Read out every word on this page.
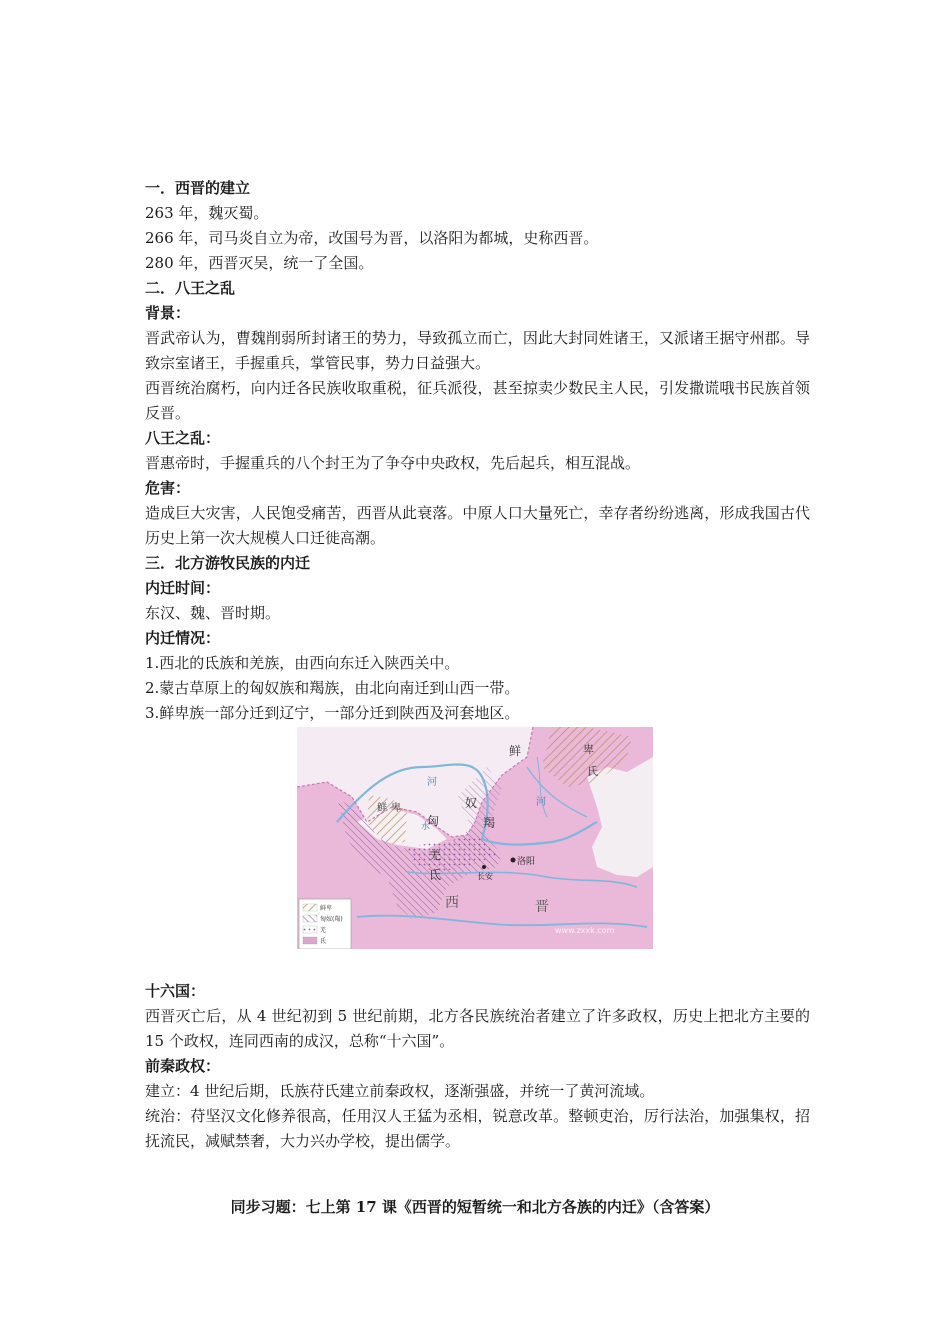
一．西晋的建立

263 年，魏灭蜀。

266 年，司马炎自立为帝，改国号为晋，以洛阳为都城，史称西晋。

280 年，西晋灭吴，统一了全国。

二．八王之乱

背景：

晋武帝认为，曹魏削弱所封诸王的势力，导致孤立而亡，因此大封同姓诸王，又派诸王据守州郡。导致宗室诸王，手握重兵，掌管民事，势力日益强大。

西晋统治腐朽，向内迁各民族收取重税，征兵派役，甚至掠卖少数民主人民，引发撒谎哦书民族首领反晋。

八王之乱：

晋惠帝时，手握重兵的八个封王为了争夺中央政权，先后起兵，相互混战。

危害：

造成巨大灾害，人民饱受痛苦，西晋从此衰落。中原人口大量死亡，幸存者纷纷逃离，形成我国古代历史上第一次大规模人口迁徙高潮。

三．北方游牧民族的内迁

内迁时间：

东汉、魏、晋时期。

内迁情况：

1.西北的氐族和羌族，由西向东迁入陕西关中。

2.蒙古草原上的匈奴族和羯族，由北向南迁到山西一带。

3.鲜卑族一部分迁到辽宁，一部分迁到陕西及河套地区。

鲜	卑
氏
河
河
鲜 卑	奴
匈
水	羯
羌
氐
洛阳
长安
西	晋
www.zxxk.com
鲜卑
匈奴(羯)
羌
氐

十六国：

西晋灭亡后，从 4 世纪初到 5 世纪前期，北方各民族统治者建立了许多政权，历史上把北方主要的 15 个政权，连同西南的成汉，总称“十六国”。

前秦政权：

建立：4 世纪后期，氐族苻氏建立前秦政权，逐渐强盛，并统一了黄河流域。

统治：苻坚汉文化修养很高，任用汉人王猛为丞相，锐意改革。整顿吏治，厉行法治，加强集权，招抚流民，减赋禁奢，大力兴办学校，提出儒学。

同步习题：七上第 17 课《西晋的短暂统一和北方各族的内迁》（含答案）
